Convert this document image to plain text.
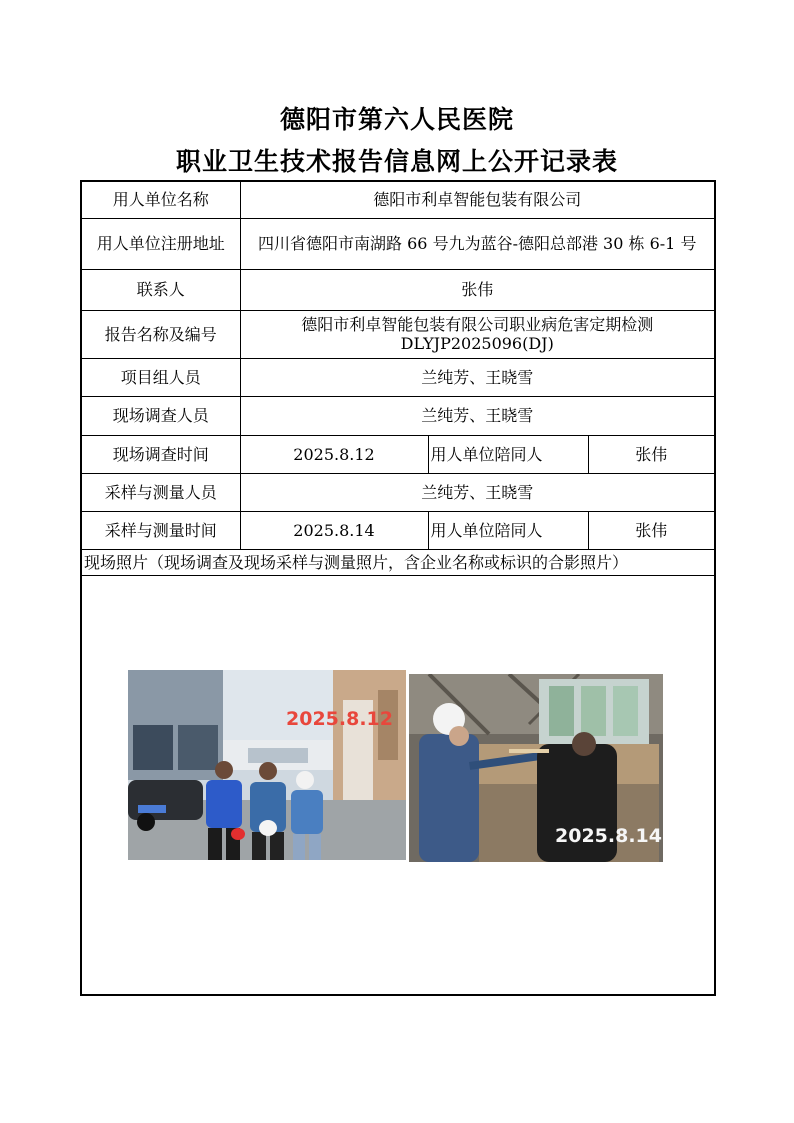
德阳市第六人民医院
职业卫生技术报告信息网上公开记录表
用人单位名称	德阳市利卓智能包装有限公司		
用人单位注册地址	四川省德阳市南湖路 66 号九为蓝谷-德阳总部港 30 栋 6-1 号		
联系人	张伟		
报告名称及编号	德阳市利卓智能包装有限公司职业病危害定期检测
DLYJP2025096(DJ)		

项目组人员	兰纯芳、王晓雪		
现场调查人员	兰纯芳、王晓雪		
现场调查时间	2025.8.12	用人单位陪同人	张伟
采样与测量人员	兰纯芳、王晓雪		
采样与测量时间	2025.8.14	用人单位陪同人	张伟
现场照片（现场调查及现场采样与测量照片，含企业名称或标识的合影照片）			

2025.8.12
2025.8.14			
